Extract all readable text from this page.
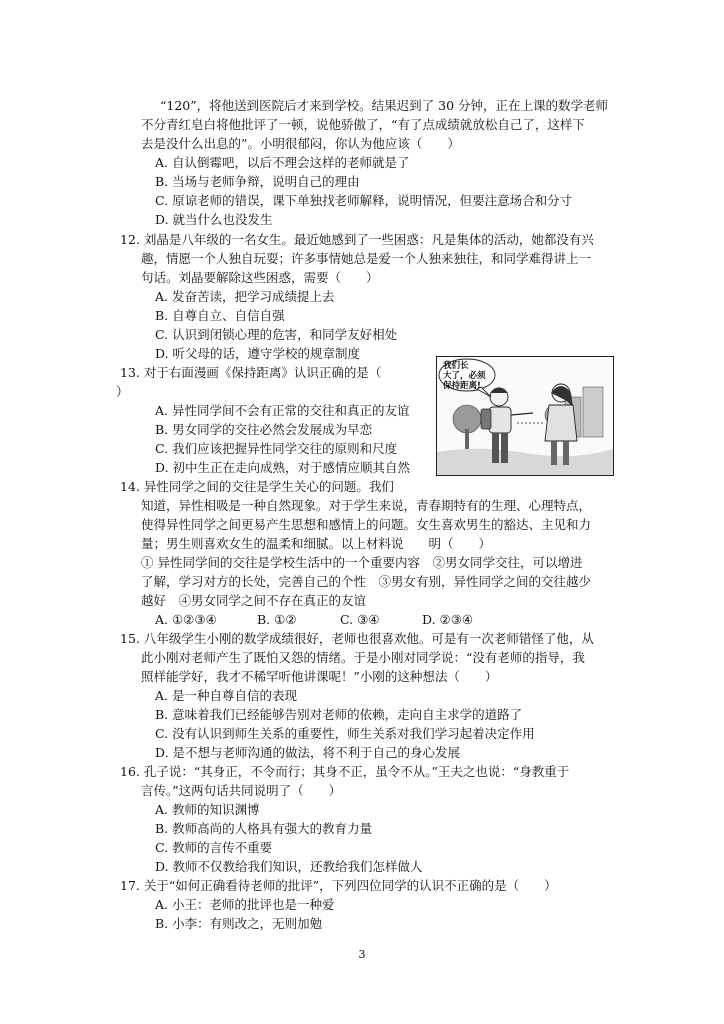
“120”，将他送到医院后才来到学校。结果迟到了 30 分钟，正在上课的数学老师
不分青红皂白将他批评了一顿，说他骄傲了，“有了点成绩就放松自己了，这样下
去是没什么出息的”。小明很郁闷，你认为他应该（　　）
A. 自认倒霉吧，以后不理会这样的老师就是了
B. 当场与老师争辩，说明自己的理由
C. 原谅老师的错误，课下单独找老师解释，说明情况，但要注意场合和分寸
D. 就当什么也没发生
12. 刘晶是八年级的一名女生。最近她感到了一些困惑：凡是集体的活动，她都没有兴
趣，情愿一个人独自玩耍；许多事情她总是爱一个人独来独往，和同学难得讲上一
句话。刘晶要解除这些困惑，需要（　　）
A. 发奋苦读，把学习成绩提上去
B. 自尊自立、自信自强
C. 认识到闭锁心理的危害，和同学友好相处
D. 听父母的话，遵守学校的规章制度
13. 对于右面漫画《保持距离》认识正确的是（
）
A. 异性同学间不会有正常的交往和真正的友谊
B. 男女同学的交往必然会发展成为早恋
C. 我们应该把握异性同学交往的原则和尺度
D. 初中生正在走向成熟，对于感情应顺其自然
我们长
大了，必须
保持距离!
14. 异性同学之间的交往是学生关心的问题。我们
知道，异性相吸是一种自然现象。对于学生来说，青春期特有的生理、心理特点，
使得异性同学之间更易产生思想和感情上的问题。女生喜欢男生的豁达、主见和力
量；男生则喜欢女生的温柔和细腻。以上材料说　　明（　　）
① 异性同学间的交往是学校生活中的一个重要内容　②男女同学交往，可以增进
了解，学习对方的长处，完善自己的个性　③男女有别，异性同学之间的交往越少
越好　④男女同学之间不存在真正的友谊
A. ①②③④	B. ①②	C. ③④	D. ②③④
15. 八年级学生小刚的数学成绩很好，老师也很喜欢他。可是有一次老师错怪了他，从
此小刚对老师产生了既怕又怨的情绪。于是小刚对同学说：“没有老师的指导，我
照样能学好，我才不稀罕听他讲课呢！”小刚的这种想法（　　）
A. 是一种自尊自信的表现
B. 意味着我们已经能够告别对老师的依赖，走向自主求学的道路了
C. 没有认识到师生关系的重要性，师生关系对我们学习起着决定作用
D. 是不想与老师沟通的做法，将不利于自己的身心发展
16. 孔子说：“其身正，不令而行；其身不正，虽令不从。”王夫之也说：“身教重于
言传。”这两句话共同说明了（　　）
A. 教师的知识渊博
B. 教师高尚的人格具有强大的教育力量
C. 教师的言传不重要
D. 教师不仅教给我们知识，还教给我们怎样做人
17. 关于“如何正确看待老师的批评”，下列四位同学的认识不正确的是（　　）
A. 小王：老师的批评也是一种爱
B. 小李：有则改之，无则加勉
3
